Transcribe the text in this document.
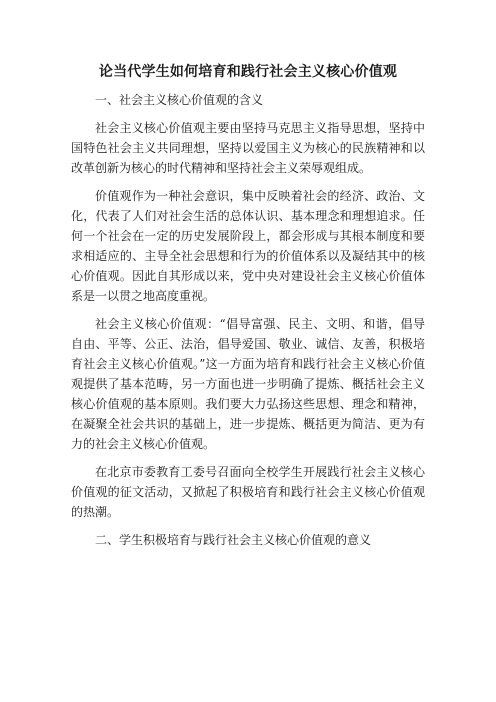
论当代学生如何培育和践行社会主义核心价值观

一、社会主义核心价值观的含义

社会主义核心价值观主要由坚持马克思主义指导思想，坚持中国特色社会主义共同理想，坚持以爱国主义为核心的民族精神和以改革创新为核心的时代精神和坚持社会主义荣辱观组成。

价值观作为一种社会意识，集中反映着社会的经济、政治、文化，代表了人们对社会生活的总体认识、基本理念和理想追求。任何一个社会在一定的历史发展阶段上，都会形成与其根本制度和要求相适应的、主导全社会思想和行为的价值体系以及凝结其中的核心价值观。因此自其形成以来，党中央对建设社会主义核心价值体系是一以贯之地高度重视。

社会主义核心价值观：“倡导富强、民主、文明、和谐，倡导自由、平等、公正、法治，倡导爱国、敬业、诚信、友善，积极培育社会主义核心价值观。”这一方面为培育和践行社会主义核心价值观提供了基本范畴，另一方面也进一步明确了提炼、概括社会主义核心价值观的基本原则。我们要大力弘扬这些思想、理念和精神，在凝聚全社会共识的基础上，进一步提炼、概括更为简洁、更为有力的社会主义核心价值观。

在北京市委教育工委号召面向全校学生开展践行社会主义核心价值观的征文活动，又掀起了积极培育和践行社会主义核心价值观的热潮。

二、学生积极培育与践行社会主义核心价值观的意义
